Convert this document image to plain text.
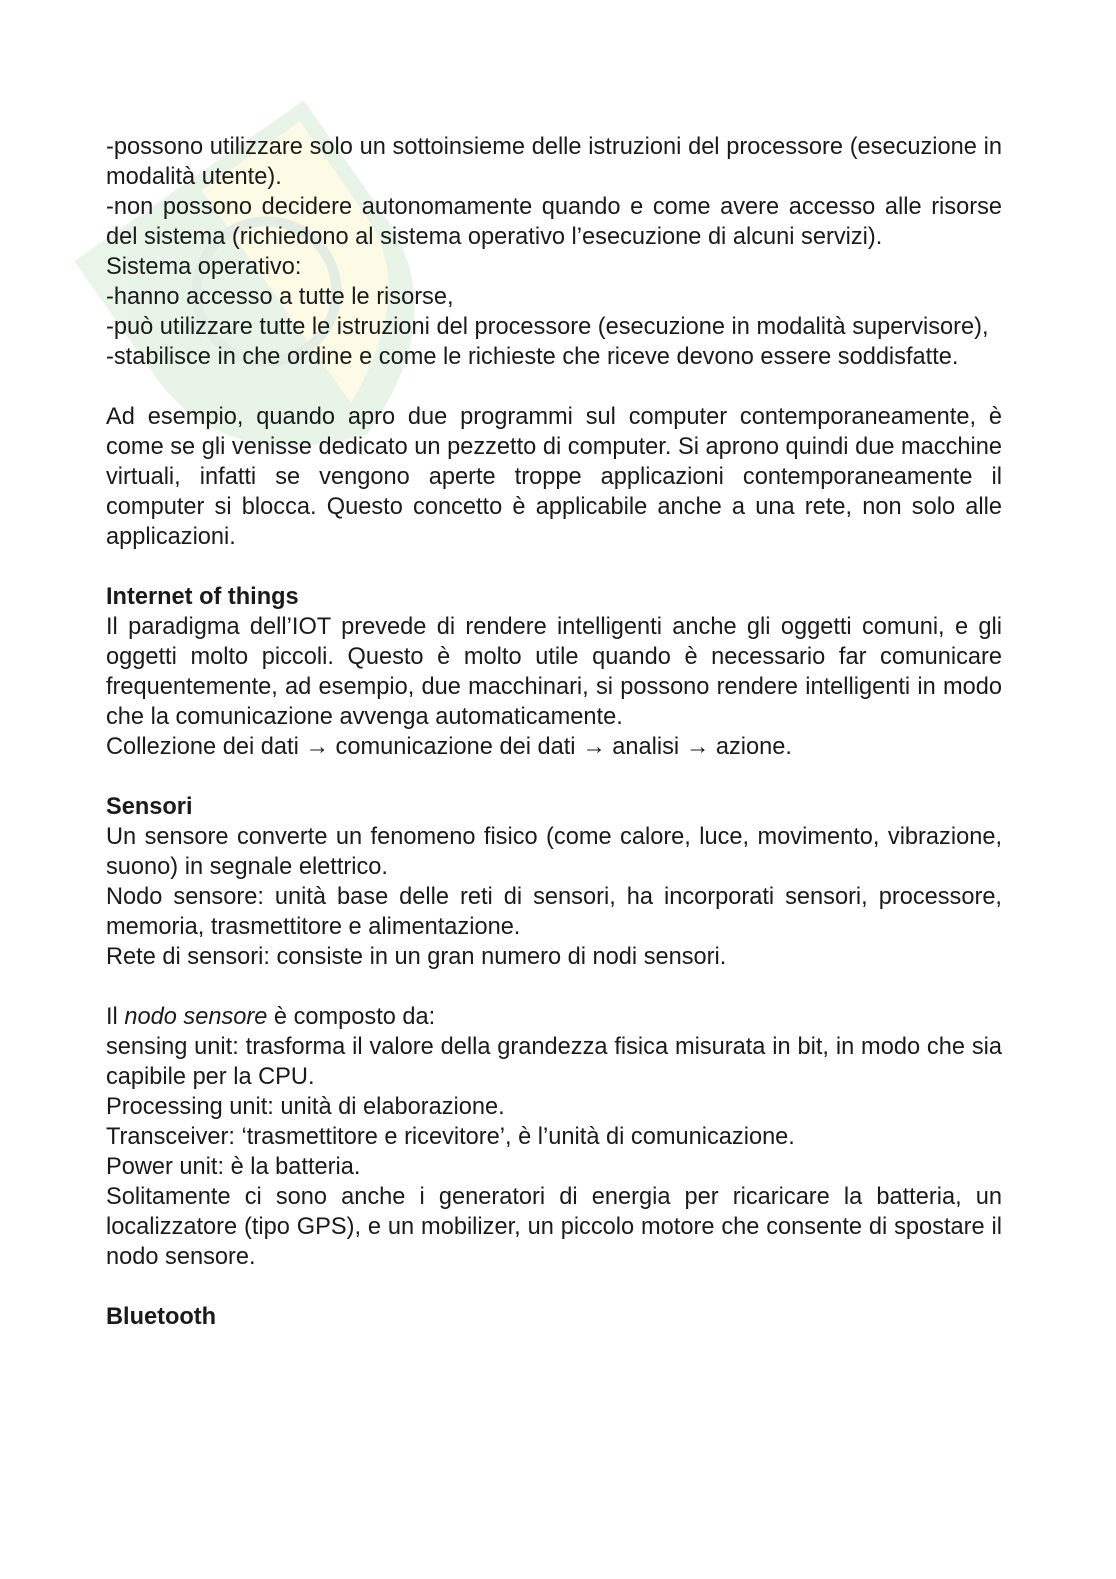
-possono utilizzare solo un sottoinsieme delle istruzioni del processore (esecuzione in modalità utente).

-non possono decidere autonomamente quando e come avere accesso alle risorse del sistema (richiedono al sistema operativo l’esecuzione di alcuni servizi).

Sistema operativo:

-hanno accesso a tutte le risorse,

-può utilizzare tutte le istruzioni del processore (esecuzione in modalità supervisore),

-stabilisce in che ordine e come le richieste che riceve devono essere soddisfatte.

Ad esempio, quando apro due programmi sul computer contemporaneamente, è come se gli venisse dedicato un pezzetto di computer. Si aprono quindi due macchine virtuali, infatti se vengono aperte troppe applicazioni contemporaneamente il computer si blocca. Questo concetto è applicabile anche a una rete, non solo alle applicazioni.

Internet of things

Il paradigma dell’IOT prevede di rendere intelligenti anche gli oggetti comuni, e gli oggetti molto piccoli. Questo è molto utile quando è necessario far comunicare frequentemente, ad esempio, due macchinari, si possono rendere intelligenti in modo che la comunicazione avvenga automaticamente.

Collezione dei dati → comunicazione dei dati → analisi → azione.

Sensori

Un sensore converte un fenomeno fisico (come calore, luce, movimento, vibrazione, suono) in segnale elettrico.

Nodo sensore: unità base delle reti di sensori, ha incorporati sensori, processore, memoria, trasmettitore e alimentazione.

Rete di sensori: consiste in un gran numero di nodi sensori.

Il nodo sensore è composto da:

sensing unit: trasforma il valore della grandezza fisica misurata in bit, in modo che sia capibile per la CPU.

Processing unit: unità di elaborazione.

Transceiver: ‘trasmettitore e ricevitore’, è l’unità di comunicazione.

Power unit: è la batteria.

Solitamente ci sono anche i generatori di energia per ricaricare la batteria, un localizzatore (tipo GPS), e un mobilizer, un piccolo motore che consente di spostare il nodo sensore.

Bluetooth
